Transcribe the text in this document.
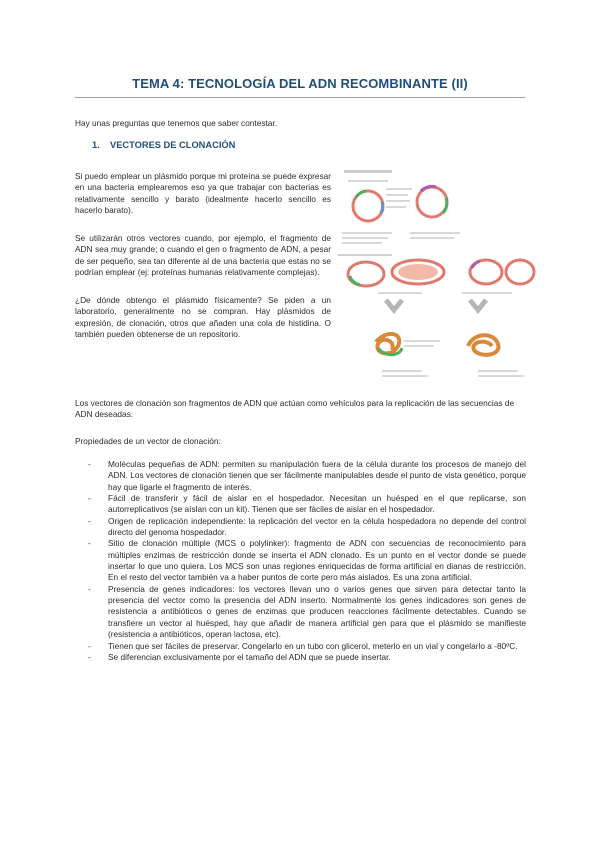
TEMA 4: TECNOLOGÍA DEL ADN RECOMBINANTE (II)

Hay unas preguntas que tenemos que saber contestar.

1. VECTORES DE CLONACIÓN

Si puedo emplear un plásmido porque mi proteína se puede expresar en una bacteria emplearemos eso ya que trabajar con bacterias es relativamente sencillo y barato (idealmente hacerlo sencillo es hacerlo barato).

Se utilizarán otros vectores cuando, por ejemplo, el fragmento de ADN sea muy grande; o cuando el gen o fragmento de ADN, a pesar de ser pequeño, sea tan diferente al de una bacteria que estas no se podrían emplear (ej: proteínas humanas relativamente complejas).

¿De dónde obtengo el plásmido físicamente? Se piden a un laboratorio, generalmente no se compran. Hay plásmidos de expresión, de clonación, otros que añaden una cola de histidina. O también pueden obtenerse de un repositorio.

Los vectores de clonación son fragmentos de ADN que actúan como vehículos para la replicación de las secuencias de ADN deseadas.

Propiedades de un vector de clonación:

- Moléculas pequeñas de ADN: permiten su manipulación fuera de la célula durante los procesos de manejo del ADN. Los vectores de clonación tienen que ser fácilmente manipulables desde el punto de vista genético, porque hay que ligarle el fragmento de interés.
- Fácil de transferir y fácil de aislar en el hospedador. Necesitan un huésped en el que replicarse, son autorreplicativos (se aíslan con un kit). Tienen que ser fáciles de aislar en el hospedador.
- Origen de replicación independiente: la replicación del vector en la célula hospedadora no depende del control directo del genoma hospedador.
- Sitio de clonación múltiple (MCS o polylinker): fragmento de ADN con secuencias de reconocimiento para múltiples enzimas de restricción donde se inserta el ADN clonado. Es un punto en el vector donde se puede insertar lo que uno quiera. Los MCS son unas regiones enriquecidas de forma artificial en dianas de restricción. En el resto del vector también va a haber puntos de corte pero más aislados. Es una zona artificial.
- Presencia de genes indicadores: los vectores llevan uno o varios genes que sirven para detectar tanto la presencia del vector como la presencia del ADN inserto. Normalmente los genes indicadores son genes de resistencia a antibióticos o genes de enzimas que producen reacciones fácilmente detectables. Cuando se transfiere un vector al huésped, hay que añadir de manera artificial gen para que el plásmido se manifieste (resistencia a antibióticos, operan lactosa, etc).
- Tienen que ser fáciles de preservar. Congelarlo en un tubo con glicerol, meterlo en un vial y congelarlo a -80ºC.
- Se diferencian exclusivamente por el tamaño del ADN que se puede insertar.
